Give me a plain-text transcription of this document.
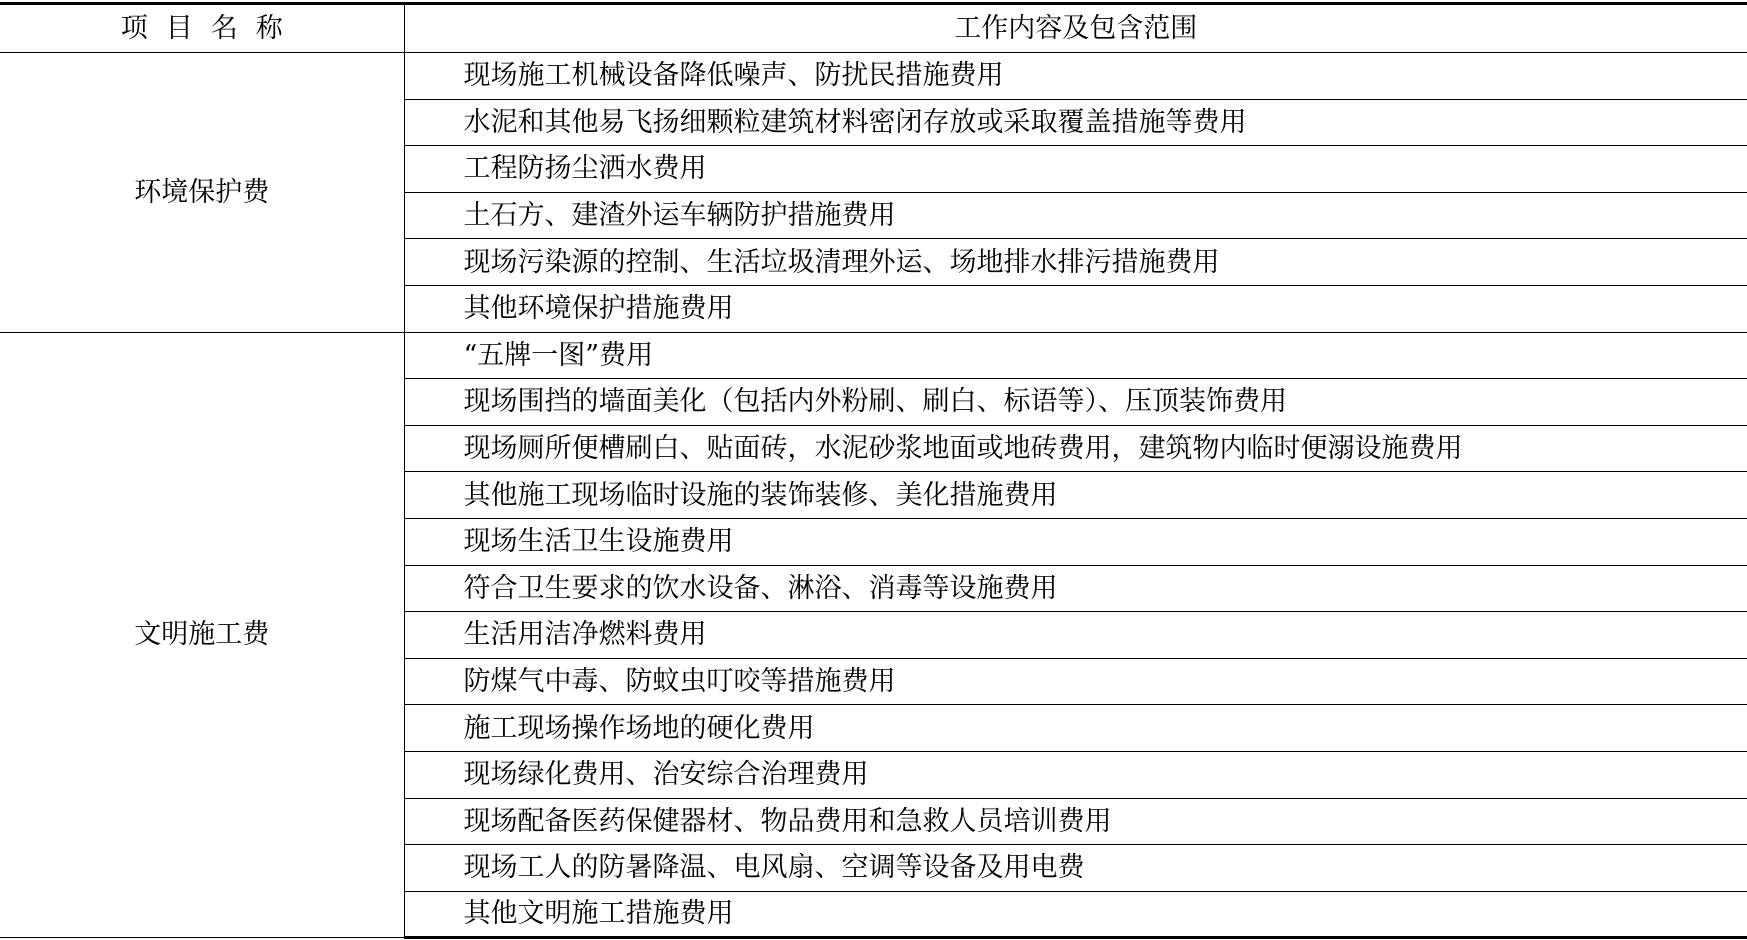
项目名称	工作内容及包含范围
环境保护费	现场施工机械设备降低噪声、防扰民措施费用
	水泥和其他易飞扬细颗粒建筑材料密闭存放或采取覆盖措施等费用
	工程防扬尘洒水费用
	土石方、建渣外运车辆防护措施费用
	现场污染源的控制、生活垃圾清理外运、场地排水排污措施费用
	其他环境保护措施费用
文明施工费	“五牌一图”费用
	现场围挡的墙面美化（包括内外粉刷、刷白、标语等）、压顶装饰费用
	现场厕所便槽刷白、贴面砖，水泥砂浆地面或地砖费用，建筑物内临时便溺设施费用
	其他施工现场临时设施的装饰装修、美化措施费用
	现场生活卫生设施费用
	符合卫生要求的饮水设备、淋浴、消毒等设施费用
	生活用洁净燃料费用
	防煤气中毒、防蚊虫叮咬等措施费用
	施工现场操作场地的硬化费用
	现场绿化费用、治安综合治理费用
	现场配备医药保健器材、物品费用和急救人员培训费用
	现场工人的防暑降温、电风扇、空调等设备及用电费
	其他文明施工措施费用
